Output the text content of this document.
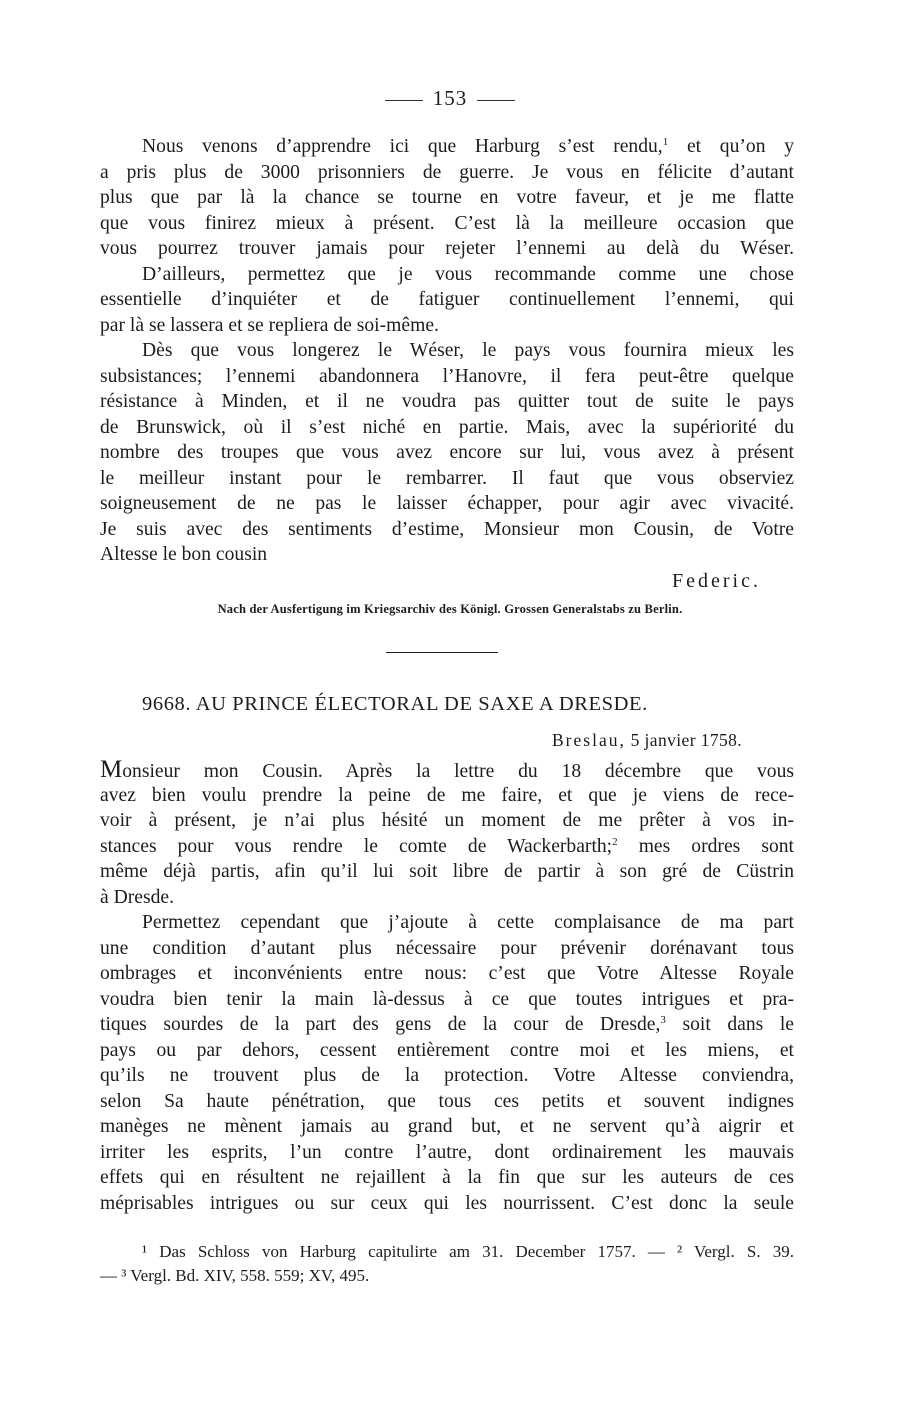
153
Nous venons d’apprendre ici que Harburg s’est rendu,$^1$ et qu’on y
a pris plus de 3000 prisonniers de guerre. Je vous en félicite d’autant
plus que par là la chance se tourne en votre faveur, et je me flatte
que vous finirez mieux à présent. C’est là la meilleure occasion que
vous pourrez trouver jamais pour rejeter l’ennemi au delà du Wéser.
D’ailleurs, permettez que je vous recommande comme une chose
essentielle d’inquiéter et de fatiguer continuellement l’ennemi, qui
par là se lassera et se repliera de soi-même.
Dès que vous longerez le Wéser, le pays vous fournira mieux les
subsistances; l’ennemi abandonnera l’Hanovre, il fera peut-être quelque
résistance à Minden, et il ne voudra pas quitter tout de suite le pays
de Brunswick, où il s’est niché en partie. Mais, avec la supériorité du
nombre des troupes que vous avez encore sur lui, vous avez à présent
le meilleur instant pour le rembarrer. Il faut que vous observiez
soigneusement de ne pas le laisser échapper, pour agir avec vivacité.
Je suis avec des sentiments d’estime, Monsieur mon Cousin, de Votre
Altesse le bon cousin
Federic.
Nach der Ausfertigung im Kriegsarchiv des Königl. Grossen Generalstabs zu Berlin.
9668. AU PRINCE ÉLECTORAL DE SAXE A DRESDE.
Breslau, 5 janvier 1758.
Monsieur mon Cousin. Après la lettre du 18 décembre que vous
avez bien voulu prendre la peine de me faire, et que je viens de rece-
voir à présent, je n’ai plus hésité un moment de me prêter à vos in-
stances pour vous rendre le comte de Wackerbarth;$^2$ mes ordres sont
même déjà partis, afin qu’il lui soit libre de partir à son gré de Cüstrin
à Dresde.
Permettez cependant que j’ajoute à cette complaisance de ma part
une condition d’autant plus nécessaire pour prévenir dorénavant tous
ombrages et inconvénients entre nous: c’est que Votre Altesse Royale
voudra bien tenir la main là-dessus à ce que toutes intrigues et pra-
tiques sourdes de la part des gens de la cour de Dresde,$^3$ soit dans le
pays ou par dehors, cessent entièrement contre moi et les miens, et
qu’ils ne trouvent plus de la protection. Votre Altesse conviendra,
selon Sa haute pénétration, que tous ces petits et souvent indignes
manèges ne mènent jamais au grand but, et ne servent qu’à aigrir et
irriter les esprits, l’un contre l’autre, dont ordinairement les mauvais
effets qui en résultent ne rejaillent à la fin que sur les auteurs de ces
méprisables intrigues ou sur ceux qui les nourrissent. C’est donc la seule
¹ Das Schloss von Harburg capitulirte am 31. December 1757. — ² Vergl. S. 39.
— ³ Vergl. Bd. XIV, 558. 559; XV, 495.
